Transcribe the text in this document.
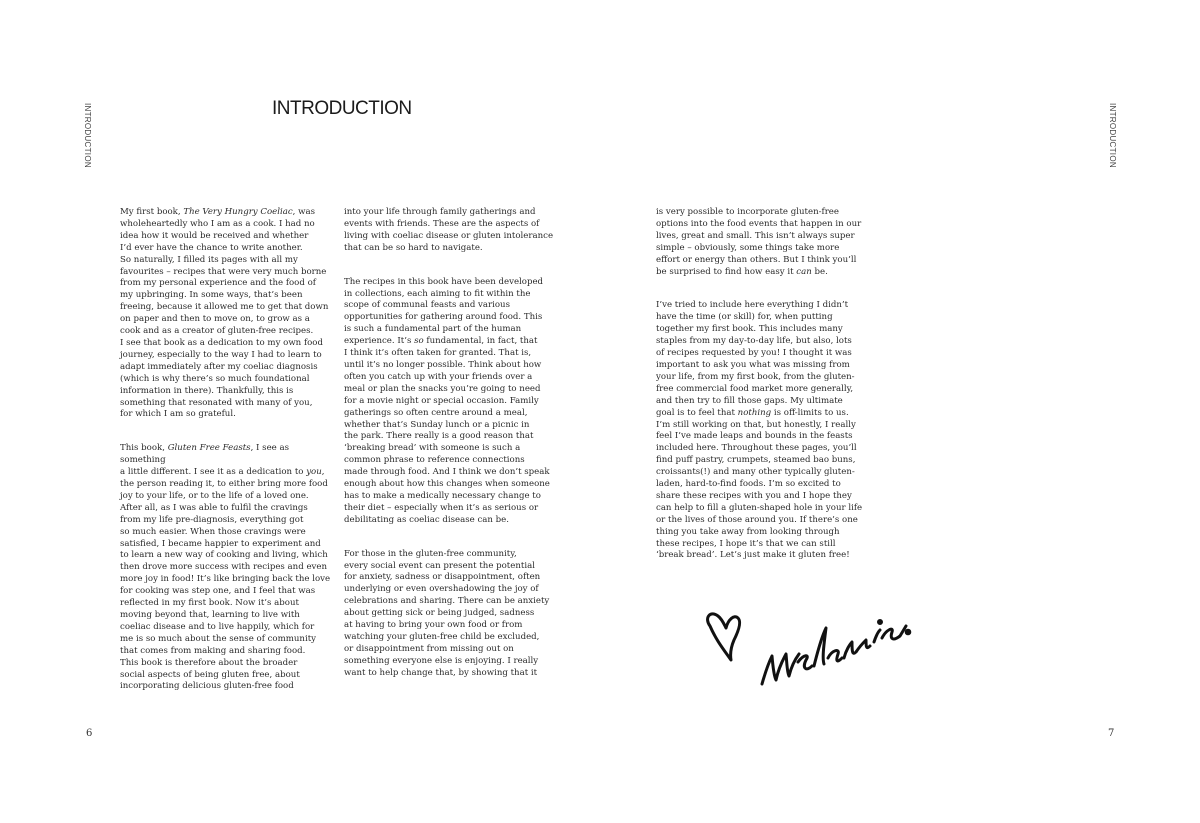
INTRODUCTION	INTRODUCTION
INTRODUCTION

My first book, The Very Hungry Coeliac, was
wholeheartedly who I am as a cook. I had no
idea how it would be received and whether
I’d ever have the chance to write another.
So naturally, I filled its pages with all my
favourites – recipes that were very much borne
from my personal experience and the food of
my upbringing. In some ways, that’s been
freeing, because it allowed me to get that down
on paper and then to move on, to grow as a
cook and as a creator of gluten-free recipes.
I see that book as a dedication to my own food
journey, especially to the way I had to learn to
adapt immediately after my coeliac diagnosis
(which is why there’s so much foundational
information in there). Thankfully, this is
something that resonated with many of you,
for which I am so grateful.

This book, Gluten Free Feasts, I see as something
a little different. I see it as a dedication to you,
the person reading it, to either bring more food
joy to your life, or to the life of a loved one.
After all, as I was able to fulfil the cravings
from my life pre-diagnosis, everything got
so much easier. When those cravings were
satisfied, I became happier to experiment and
to learn a new way of cooking and living, which
then drove more success with recipes and even
more joy in food! It’s like bringing back the love
for cooking was step one, and I feel that was
reflected in my first book. Now it’s about
moving beyond that, learning to live with
coeliac disease and to live happily, which for
me is so much about the sense of community
that comes from making and sharing food.
This book is therefore about the broader
social aspects of being gluten free, about
incorporating delicious gluten-free food

into your life through family gatherings and
events with friends. These are the aspects of
living with coeliac disease or gluten intolerance
that can be so hard to navigate.

The recipes in this book have been developed
in collections, each aiming to fit within the
scope of communal feasts and various
opportunities for gathering around food. This
is such a fundamental part of the human
experience. It’s so fundamental, in fact, that
I think it’s often taken for granted. That is,
until it’s no longer possible. Think about how
often you catch up with your friends over a
meal or plan the snacks you’re going to need
for a movie night or special occasion. Family
gatherings so often centre around a meal,
whether that’s Sunday lunch or a picnic in
the park. There really is a good reason that
‘breaking bread’ with someone is such a
common phrase to reference connections
made through food. And I think we don’t speak
enough about how this changes when someone
has to make a medically necessary change to
their diet – especially when it’s as serious or
debilitating as coeliac disease can be.

For those in the gluten-free community,
every social event can present the potential
for anxiety, sadness or disappointment, often
underlying or even overshadowing the joy of
celebrations and sharing. There can be anxiety
about getting sick or being judged, sadness
at having to bring your own food or from
watching your gluten-free child be excluded,
or disappointment from missing out on
something everyone else is enjoying. I really
want to help change that, by showing that it

is very possible to incorporate gluten-free
options into the food events that happen in our
lives, great and small. This isn’t always super
simple – obviously, some things take more
effort or energy than others. But I think you’ll
be surprised to find how easy it can be.

I’ve tried to include here everything I didn’t
have the time (or skill) for, when putting
together my first book. This includes many
staples from my day-to-day life, but also, lots
of recipes requested by you! I thought it was
important to ask you what was missing from
your life, from my first book, from the gluten-
free commercial food market more generally,
and then try to fill those gaps. My ultimate
goal is to feel that nothing is off-limits to us.
I’m still working on that, but honestly, I really
feel I’ve made leaps and bounds in the feasts
included here. Throughout these pages, you’ll
find puff pastry, crumpets, steamed bao buns,
croissants(!) and many other typically gluten-
laden, hard-to-find foods. I’m so excited to
share these recipes with you and I hope they
can help to fill a gluten-shaped hole in your life
or the lives of those around you. If there’s one
thing you take away from looking through
these recipes, I hope it’s that we can still
‘break bread’. Let’s just make it gluten free!

6	7
